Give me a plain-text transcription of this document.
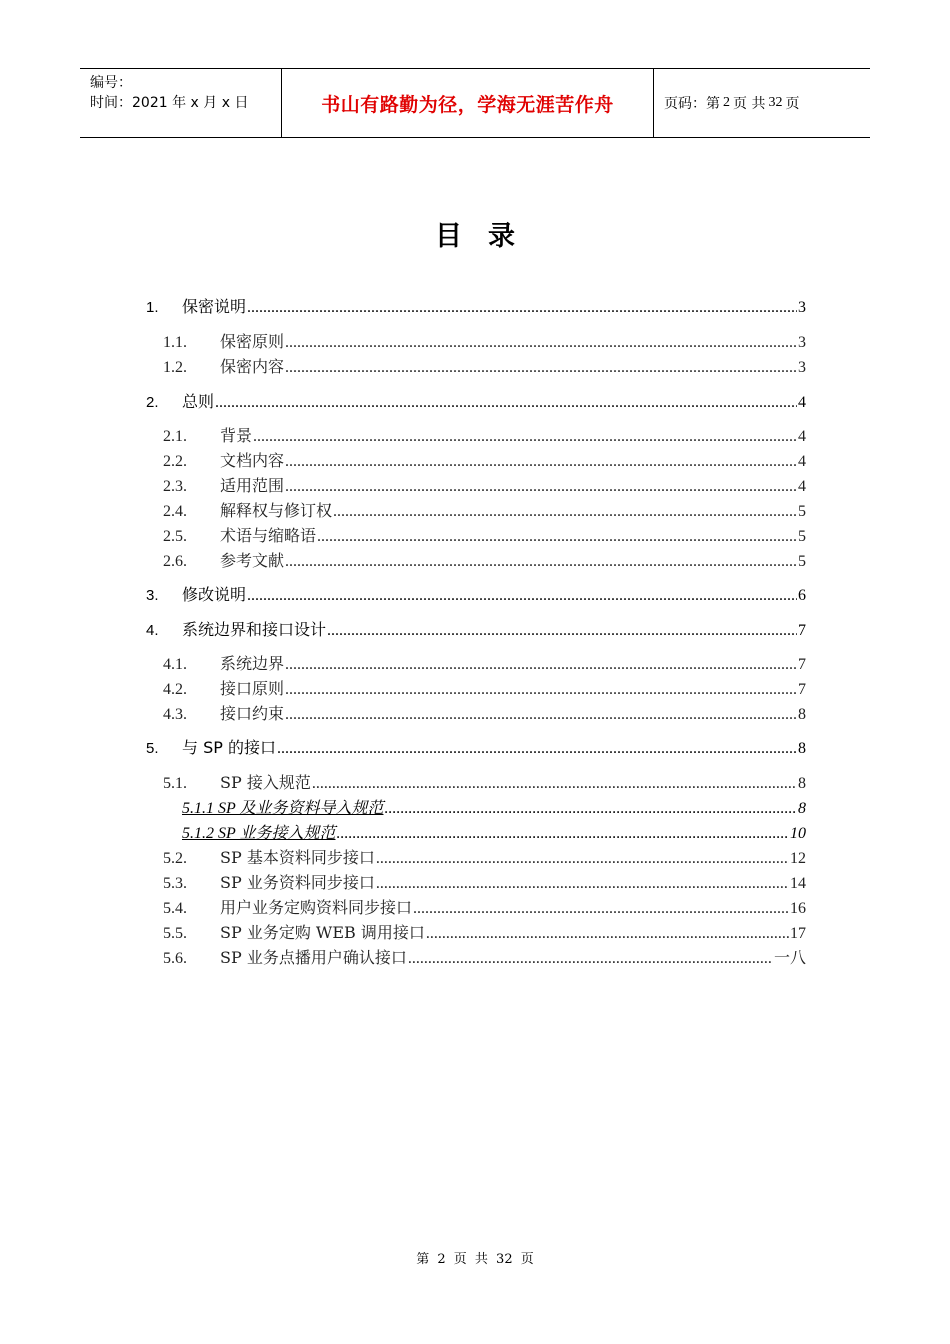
编号：
时间：2021 年 x 月 x 日	书山有路勤为径，学海无涯苦作舟	页码：第 2 页 共 32 页
目录
1.	保密说明 .....	3
1.1.	保密原则 .....	3
1.2.	保密内容 .....	3
2.	总则 .....	4
2.1.	背景 .....	4
2.2.	文档内容 .....	4
2.3.	适用范围 .....	4
2.4.	解释权与修订权 .....	5
2.5.	术语与缩略语 .....	5
2.6.	参考文献 .....	5
3.	修改说明 .....	6
4.	系统边界和接口设计 .....	7
4.1.	系统边界 .....	7
4.2.	接口原则 .....	7
4.3.	接口约束 .....	8
5.	与 SP 的接口 .....	8
5.1.	SP 接入规范 .....	8
5.1.1 SP 及业务资料导入规范 .....	8
5.1.2 SP 业务接入规范 .....	10
5.2.	SP 基本资料同步接口 .....	12
5.3.	SP 业务资料同步接口 .....	14
5.4.	用户业务定购资料同步接口 .....	16
5.5.	SP 业务定购 WEB 调用接口 .....	17
5.6.	SP 业务点播用户确认接口 .....	一八
第 2 页 共 32 页
